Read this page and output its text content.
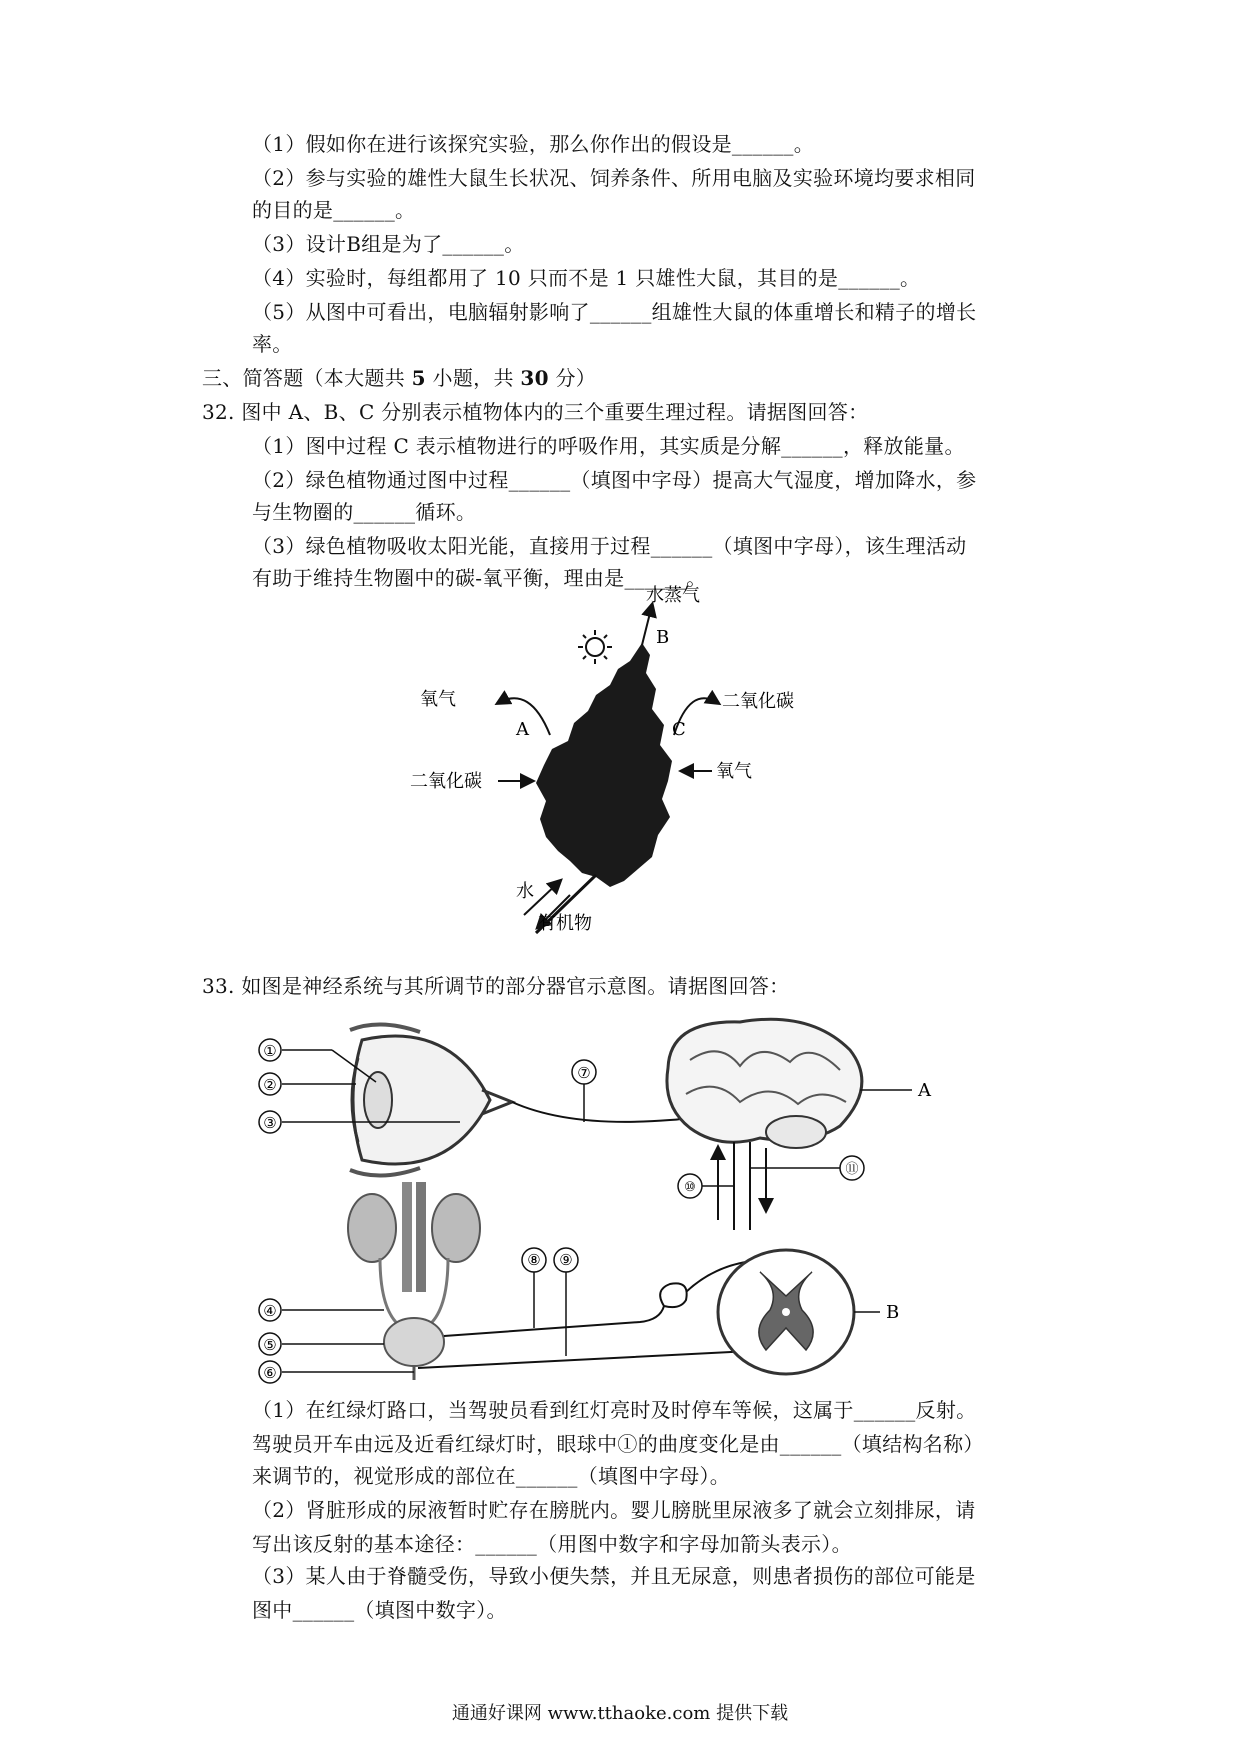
（1）假如你在进行该探究实验，那么你作出的假设是______。
（2）参与实验的雄性大鼠生长状况、饲养条件、所用电脑及实验环境均要求相同
的目的是______。
（3）设计B组是为了______。
（4）实验时，每组都用了 10 只而不是 1 只雄性大鼠，其目的是______。
（5）从图中可看出，电脑辐射影响了______组雄性大鼠的体重增长和精子的增长
率。
三、简答题（本大题共 5 小题，共 30 分）
32. 图中 A、B、C 分别表示植物体内的三个重要生理过程。请据图回答：
（1）图中过程 C 表示植物进行的呼吸作用，其实质是分解______，释放能量。
（2）绿色植物通过图中过程______（填图中字母）提高大气湿度，增加降水，参
与生物圈的______循环。
（3）绿色植物吸收太阳光能，直接用于过程______（填图中字母），该生理活动
有助于维持生物圈中的碳-氧平衡，理由是______。
水蒸气
B
氧气
A
二氧化碳
C
二氧化碳	氧气
水
有机物
33. 如图是神经系统与其所调节的部分器官示意图。请据图回答：
①
②
③
⑦
A
⑩
⑪
④
⑤
⑥
⑧ ⑨
B
（1）在红绿灯路口，当驾驶员看到红灯亮时及时停车等候，这属于______反射。
驾驶员开车由远及近看红绿灯时，眼球中①的曲度变化是由______（填结构名称）
来调节的，视觉形成的部位在______（填图中字母）。
（2）肾脏形成的尿液暂时贮存在膀胱内。婴儿膀胱里尿液多了就会立刻排尿，请
写出该反射的基本途径：______（用图中数字和字母加箭头表示）。
（3）某人由于脊髓受伤，导致小便失禁，并且无尿意，则患者损伤的部位可能是
图中______（填图中数字）。
通通好课网 www.tthaoke.com 提供下载
